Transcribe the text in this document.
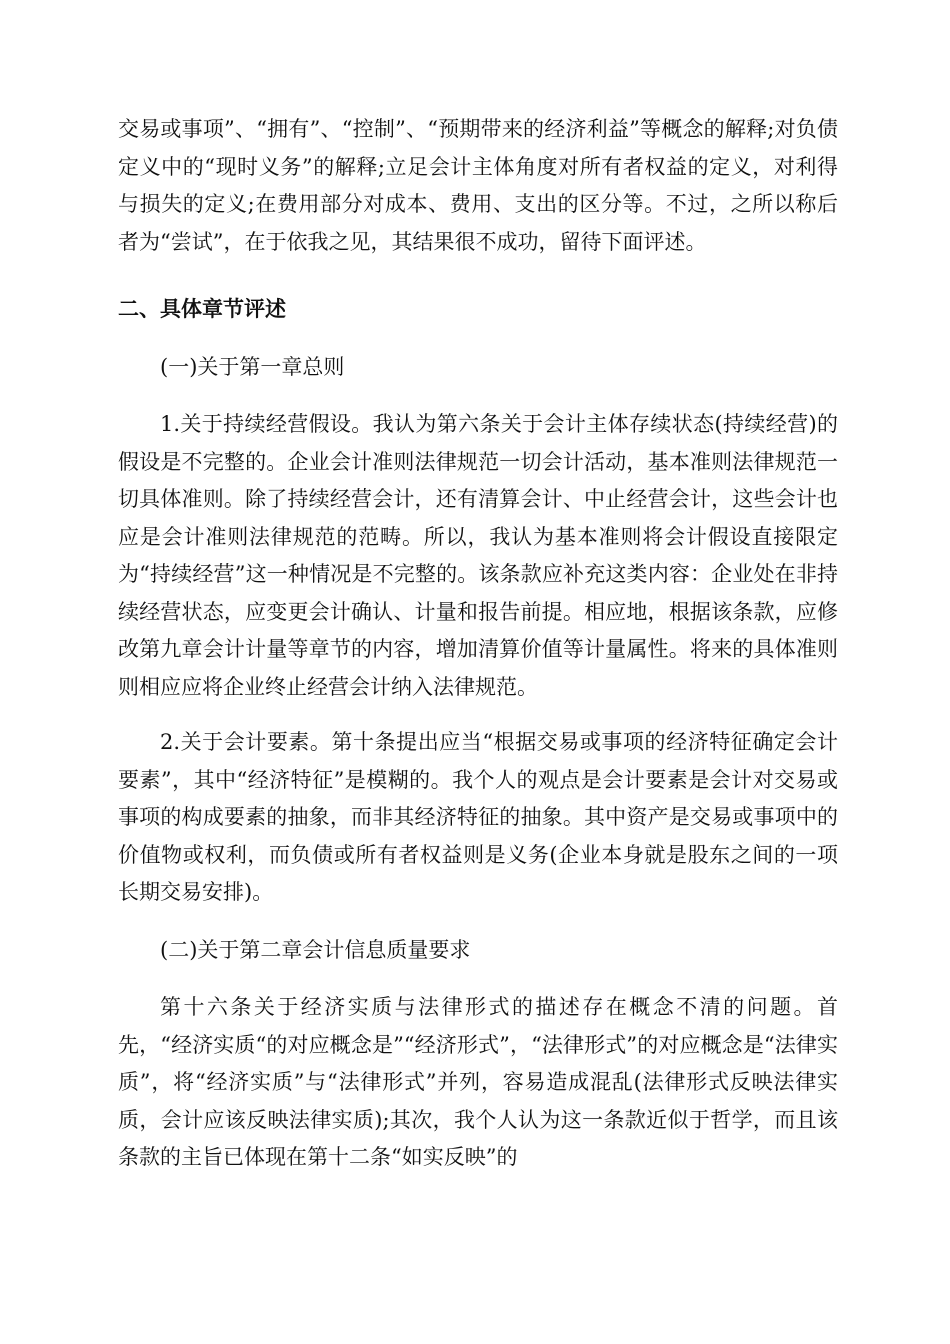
交易或事项”、“拥有”、“控制”、“预期带来的经济利益”等概念的解释;对负债定义中的“现时义务”的解释;立足会计主体角度对所有者权益的定义，对利得与损失的定义;在费用部分对成本、费用、支出的区分等。不过，之所以称后者为“尝试”，在于依我之见，其结果很不成功，留待下面评述。

二、具体章节评述

(一)关于第一章总则

1.关于持续经营假设。我认为第六条关于会计主体存续状态(持续经营)的假设是不完整的。企业会计准则法律规范一切会计活动，基本准则法律规范一切具体准则。除了持续经营会计，还有清算会计、中止经营会计，这些会计也应是会计准则法律规范的范畴。所以，我认为基本准则将会计假设直接限定为“持续经营”这一种情况是不完整的。该条款应补充这类内容：企业处在非持续经营状态，应变更会计确认、计量和报告前提。相应地，根据该条款，应修改第九章会计计量等章节的内容，增加清算价值等计量属性。将来的具体准则则相应应将企业终止经营会计纳入法律规范。

2.关于会计要素。第十条提出应当“根据交易或事项的经济特征确定会计要素”，其中“经济特征”是模糊的。我个人的观点是会计要素是会计对交易或事项的构成要素的抽象，而非其经济特征的抽象。其中资产是交易或事项中的价值物或权利，而负债或所有者权益则是义务(企业本身就是股东之间的一项长期交易安排)。

(二)关于第二章会计信息质量要求

第十六条关于经济实质与法律形式的描述存在概念不清的问题。首先，“经济实质“的对应概念是”“经济形式”，“法律形式”的对应概念是“法律实质”，将“经济实质”与“法律形式”并列，容易造成混乱(法律形式反映法律实质，会计应该反映法律实质);其次，我个人认为这一条款近似于哲学，而且该条款的主旨已体现在第十二条“如实反映”的
